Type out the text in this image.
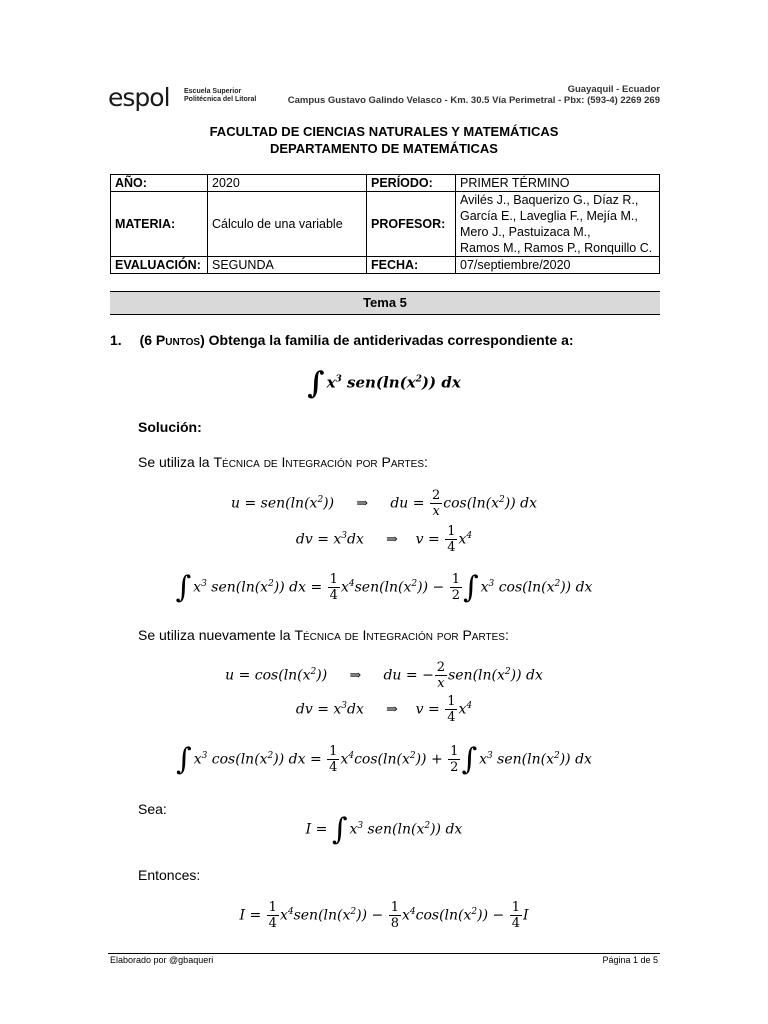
espol Escuela Superior
Politécnica del Litoral
Guayaquil - Ecuador
Campus Gustavo Galindo Velasco - Km. 30.5 Vía Perimetral - Pbx: (593-4) 2269 269
FACULTAD DE CIENCIAS NATURALES Y MATEMÁTICAS
DEPARTAMENTO DE MATEMÁTICAS
AÑO:	2020	PERÍODO:	PRIMER TÉRMINO
MATERIA:	Cálculo de una variable	PROFESOR:	Avilés J., Baquerizo G., Díaz R.,
García E., Laveglia F., Mejía M.,
Mero J., Pastuizaca M.,
Ramos M., Ramos P., Ronquillo C.

EVALUACIÓN:	SEGUNDA	FECHA:	07/septiembre/2020
Tema 5
1. (6 Puntos) Obtenga la familia de antiderivadas correspondiente a:
∫ $x^3$ $sen(\ln(x^2))$ dx
Solución:
Se utiliza la Técnica de Integración por Partes:
$u = sen(\ln(x^2))$     ⇒     du = $\frac{2}{x} \cos(\ln(x^2))$ dx
dv = $x^3dx$     ⇒    $v = \frac{1}{4} x^4$
∫ $x^3$ $sen(\ln(x^2))$ dx = $\frac{1}{4} x^4sen(\ln(x^2)) - \frac{1}{2}$ ∫ $x^3$ $\cos(\ln(x^2))$ dx
Se utiliza nuevamente la Técnica de Integración por Partes:
$u = \cos(\ln(x^2))$     ⇒     du = − $\frac{2}{x} sen(\ln(x^2))$ dx
dv = $x^3dx$     ⇒    $v = \frac{1}{4} x^4$
∫ $x^3$ $\cos(\ln(x^2))$ dx = $\frac{1}{4} x^4\cos(\ln(x^2)) + \frac{1}{2}$ ∫ $x^3$ $sen(\ln(x^2))$ dx
Sea:
I = ∫ $x^3$ $sen(\ln(x^2))$ dx
Entonces:
$I = \frac{1}{4} x^4sen(\ln(x^2)) - \frac{1}{8} x^4\cos(\ln(x^2)) - \frac{1}{4}$ I
Elaborado por @gbaqueri	Página 1 de 5
